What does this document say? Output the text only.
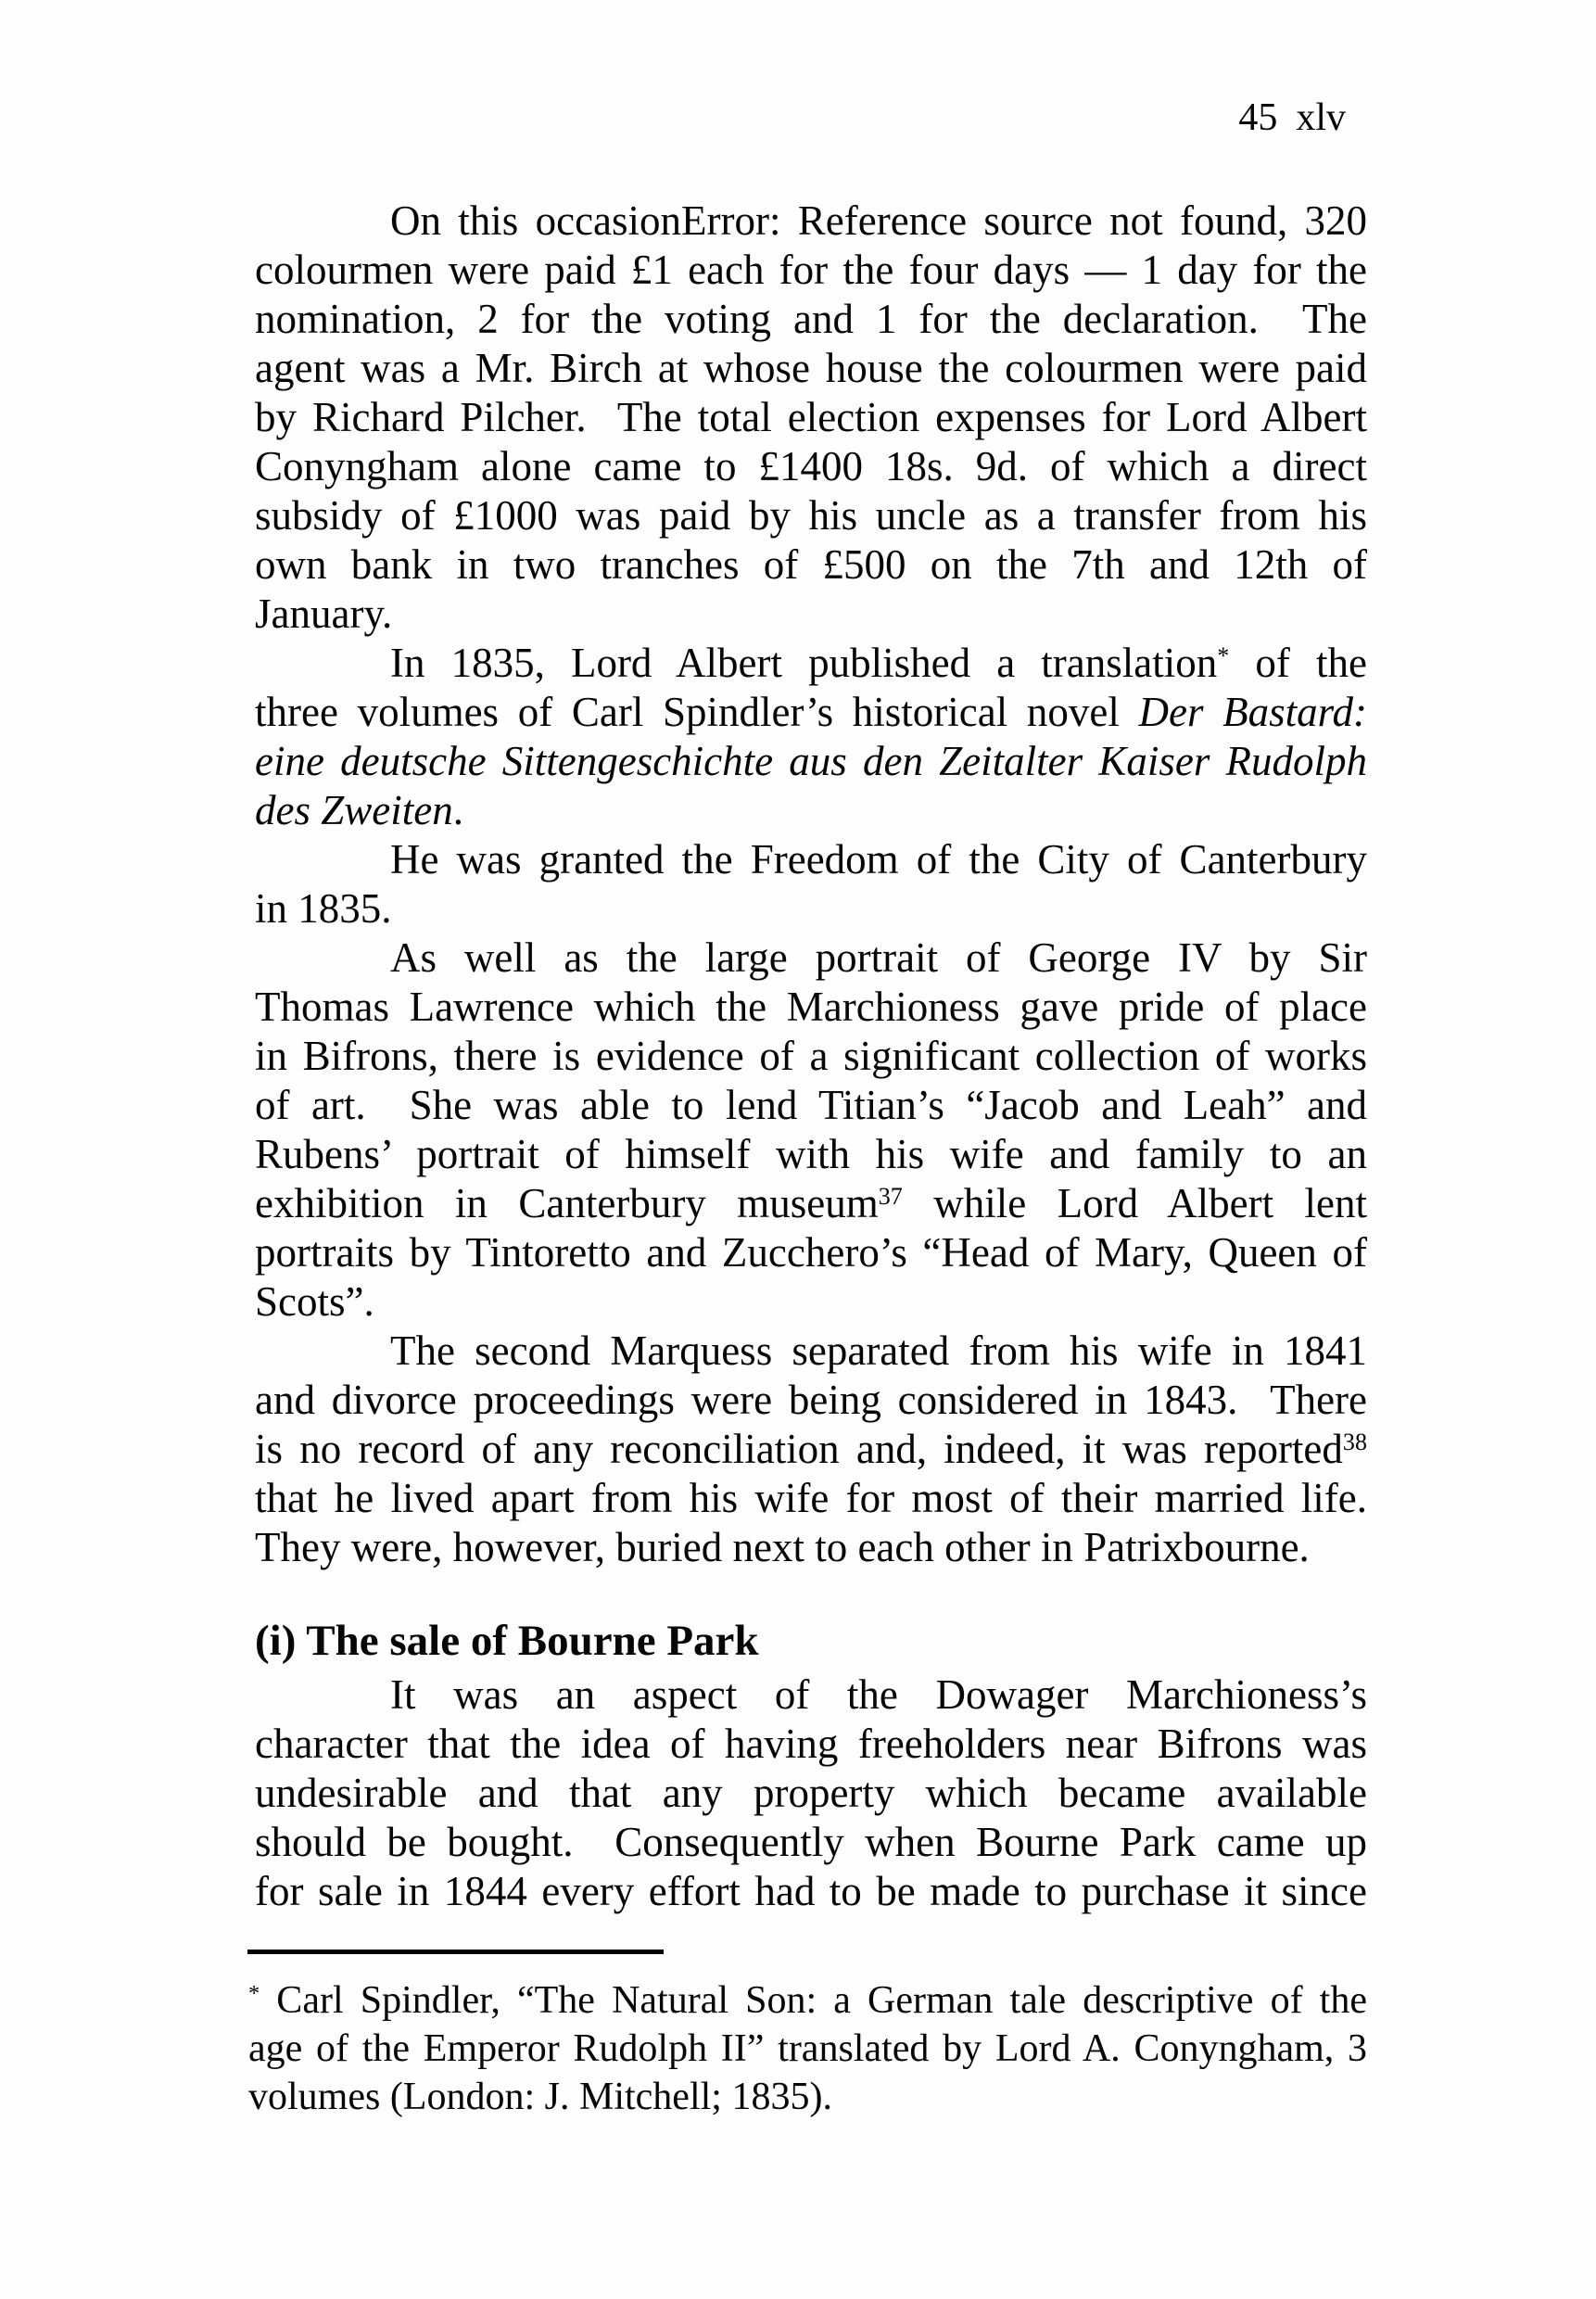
45 xlv
On this occasionError: Reference source not found, 320
colourmen were paid £1 each for the four days — 1 day for the
nomination, 2 for the voting and 1 for the declaration.  The
agent was a Mr. Birch at whose house the colourmen were paid
by Richard Pilcher.  The total election expenses for Lord Albert
Conyngham alone came to £1400 18s. 9d. of which a direct
subsidy of £1000 was paid by his uncle as a transfer from his
own bank in two tranches of £500 on the 7th and 12th of
January.
In 1835, Lord Albert published a translation* of the
three volumes of Carl Spindler’s historical novel Der Bastard:
eine deutsche Sittengeschichte aus den Zeitalter Kaiser Rudolph
des Zweiten.
He was granted the Freedom of the City of Canterbury
in 1835.
As well as the large portrait of George IV by Sir
Thomas Lawrence which the Marchioness gave pride of place
in Bifrons, there is evidence of a significant collection of works
of art.  She was able to lend Titian’s “Jacob and Leah” and
Rubens’ portrait of himself with his wife and family to an
exhibition in Canterbury museum$^{37}$ while Lord Albert lent
portraits by Tintoretto and Zucchero’s “Head of Mary, Queen of
Scots”.
The second Marquess separated from his wife in 1841
and divorce proceedings were being considered in 1843.  There
is no record of any reconciliation and, indeed, it was reported$^{38}$
that he lived apart from his wife for most of their married life.
They were, however, buried next to each other in Patrixbourne.
(i) The sale of Bourne Park
It was an aspect of the Dowager Marchioness’s
character that the idea of having freeholders near Bifrons was
undesirable and that any property which became available
should be bought.  Consequently when Bourne Park came up
for sale in 1844 every effort had to be made to purchase it since
* Carl Spindler, “The Natural Son: a German tale descriptive of the
age of the Emperor Rudolph II” translated by Lord A. Conyngham, 3
volumes (London: J. Mitchell; 1835).
